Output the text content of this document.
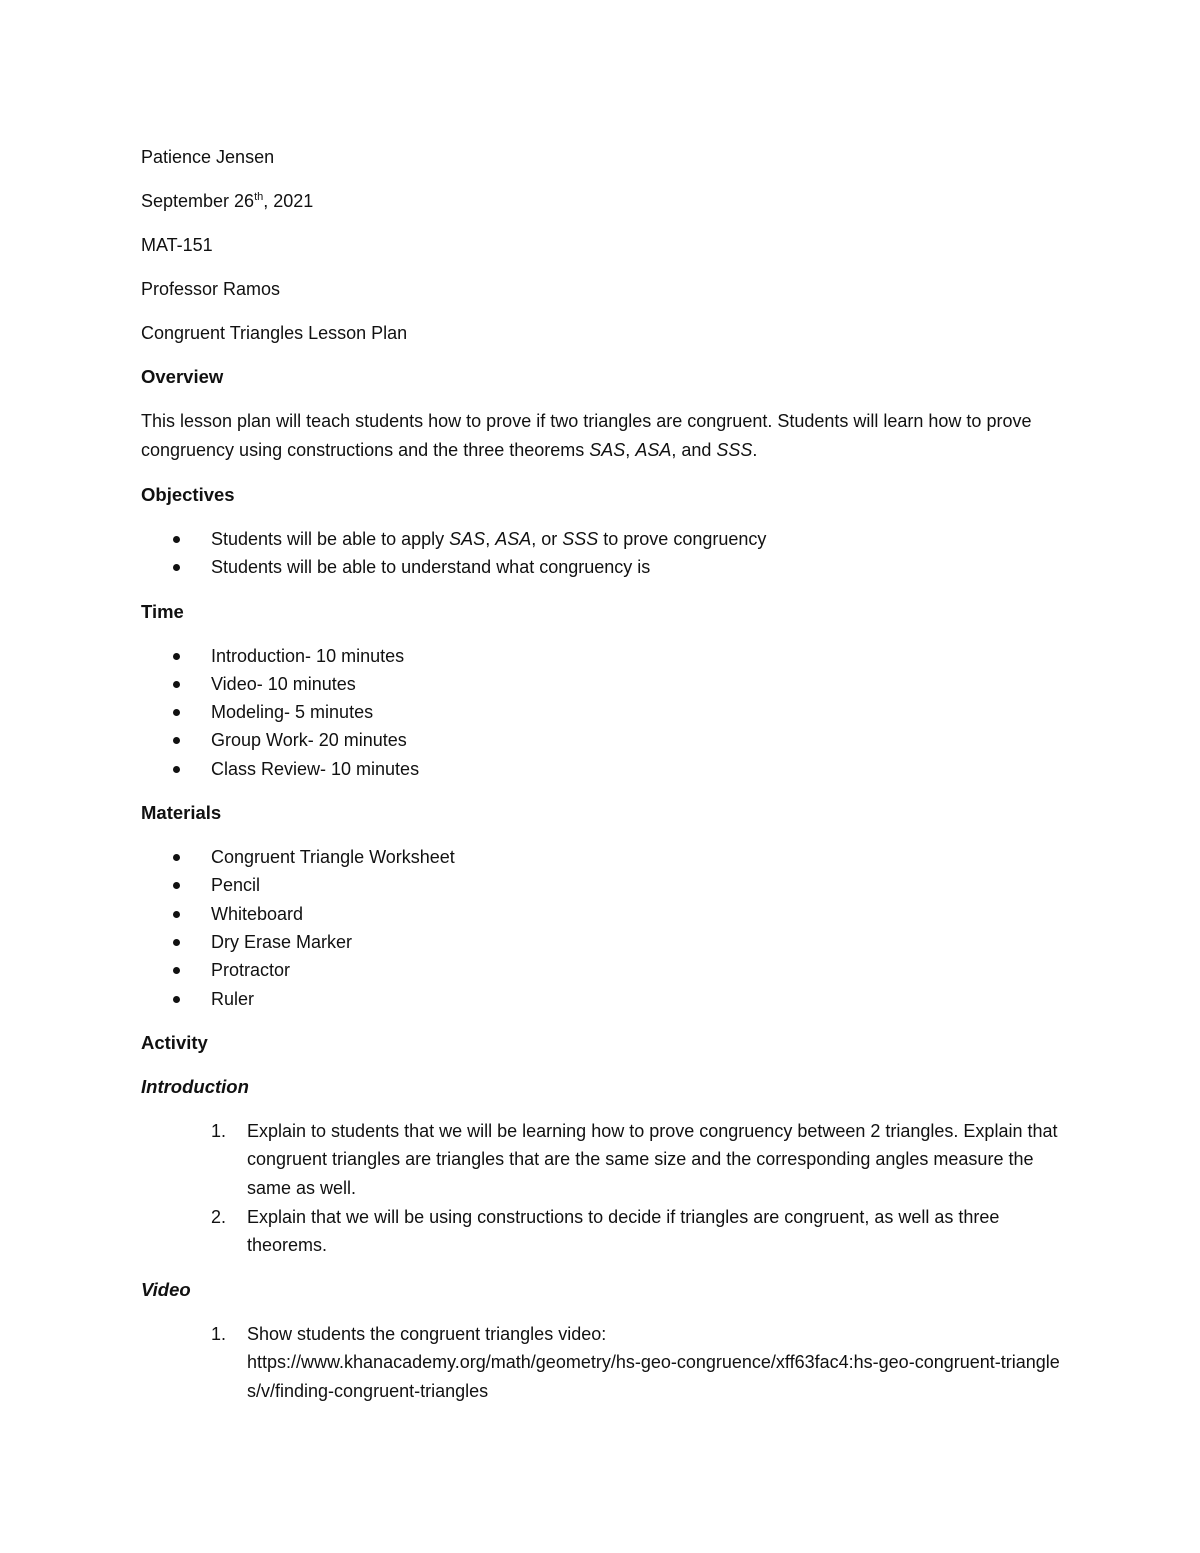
Patience Jensen

September 26th, 2021

MAT-151

Professor Ramos

Congruent Triangles Lesson Plan

Overview

This lesson plan will teach students how to prove if two triangles are congruent. Students will learn how to prove congruency using constructions and the three theorems SAS, ASA, and SSS.

Objectives
Students will be able to apply SAS, ASA, or SSS to prove congruency
Students will be able to understand what congruency is
Time
Introduction- 10 minutes
Video- 10 minutes
Modeling- 5 minutes
Group Work- 20 minutes
Class Review- 10 minutes
Materials
Congruent Triangle Worksheet
Pencil
Whiteboard
Dry Erase Marker
Protractor
Ruler
Activity
Introduction
1. Explain to students that we will be learning how to prove congruency between 2 triangles. Explain that congruent triangles are triangles that are the same size and the corresponding angles measure the same as well.
2. Explain that we will be using constructions to decide if triangles are congruent, as well as three theorems.
Video
1. Show students the congruent triangles video:
https://www.khanacademy.org/math/geometry/hs-geo-congruence/xff63fac4:hs-geo-congruent-triangles/v/finding-congruent-triangles
